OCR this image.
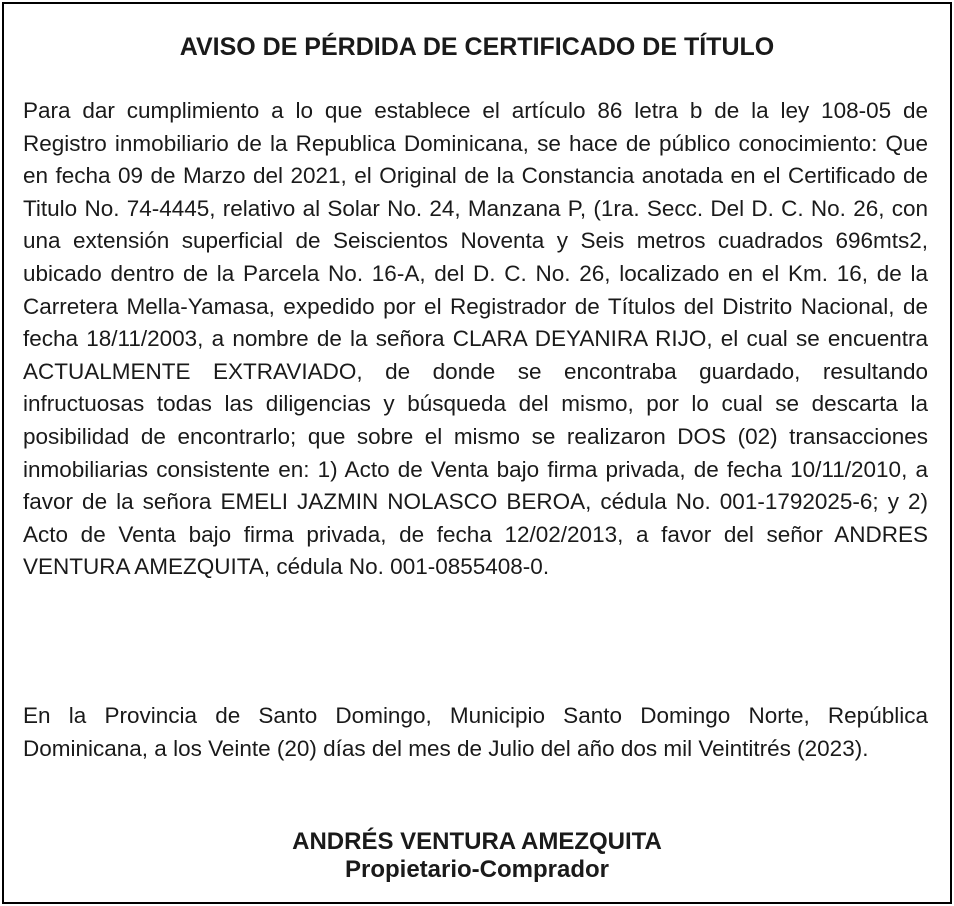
AVISO DE PÉRDIDA DE CERTIFICADO DE TÍTULO

Para dar cumplimiento a lo que establece el artículo 86 letra b de la ley 108-05 de Registro inmobiliario de la Republica Dominicana, se hace de público conocimiento: Que en fecha 09 de Marzo del 2021, el Original de la Constancia anotada en el Certificado de Titulo No. 74-4445, relativo al Solar No. 24, Manzana P, (1ra. Secc. Del D. C. No. 26, con una extensión superficial de Seiscientos Noventa y Seis metros cuadrados 696mts2, ubicado dentro de la Parcela No. 16-A, del D. C. No. 26, localizado en el Km. 16, de la Carretera Mella-Yamasa, expedido por el Registrador de Títulos del Distrito Nacional, de fecha 18/11/2003, a nombre de la señora CLARA DEYANIRA RIJO, el cual se encuentra ACTUALMENTE EXTRAVIADO, de donde se encontraba guardado, resultando infructuosas todas las diligencias y búsqueda del mismo, por lo cual se descarta la posibilidad de encontrarlo; que sobre el mismo se realizaron DOS (02) transacciones inmobiliarias consistente en: 1) Acto de Venta bajo firma privada, de fecha 10/11/2010, a favor de la señora EMELI JAZMIN NOLASCO BEROA, cédula No. 001-1792025-6; y 2) Acto de Venta bajo firma privada, de fecha 12/02/2013, a favor del señor ANDRES VENTURA AMEZQUITA, cédula No. 001-0855408-0.

En la Provincia de Santo Domingo, Municipio Santo Domingo Norte, República Dominicana, a los Veinte (20) días del mes de Julio del año dos mil Veintitrés (2023).

ANDRÉS VENTURA AMEZQUITA

Propietario-Comprador
